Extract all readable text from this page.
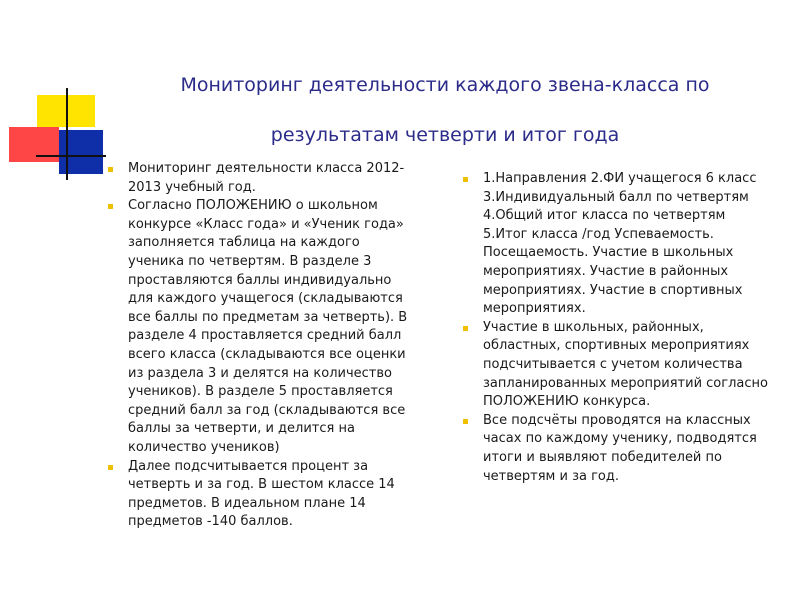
Мониторинг деятельности каждого звена-класса по
результатам четверти и итог года
Мониторинг деятельности класса 2012-2013 учебный год.
Согласно ПОЛОЖЕНИЮ о школьном конкурсе «Класс года» и «Ученик года» заполняется таблица на каждого ученика по четвертям. В разделе 3 проставляются баллы индивидуально для каждого учащегося (складываются все баллы по предметам за четверть). В разделе 4 проставляется средний балл всего класса (складываются все оценки из раздела 3 и делятся на количество учеников). В разделе 5 проставляется средний балл за год (складываются все баллы за четверти, и делится на количество учеников)
Далее подсчитывается процент за четверть и за год. В шестом классе 14 предметов. В идеальном плане 14 предметов -140 баллов.
1.Направления 2.ФИ учащегося 6 класс 3.Индивидуальный балл по четвертям 4.Общий итог класса по четвертям 5.Итог класса /год Успеваемость. Посещаемость. Участие в школьных мероприятиях. Участие в районных мероприятиях. Участие в спортивных мероприятиях.
Участие в школьных, районных, областных, спортивных мероприятиях подсчитывается с учетом количества запланированных мероприятий согласно ПОЛОЖЕНИЮ конкурса.
Все подсчёты проводятся на классных часах по каждому ученику, подводятся итоги и выявляют победителей по четвертям и за год.
